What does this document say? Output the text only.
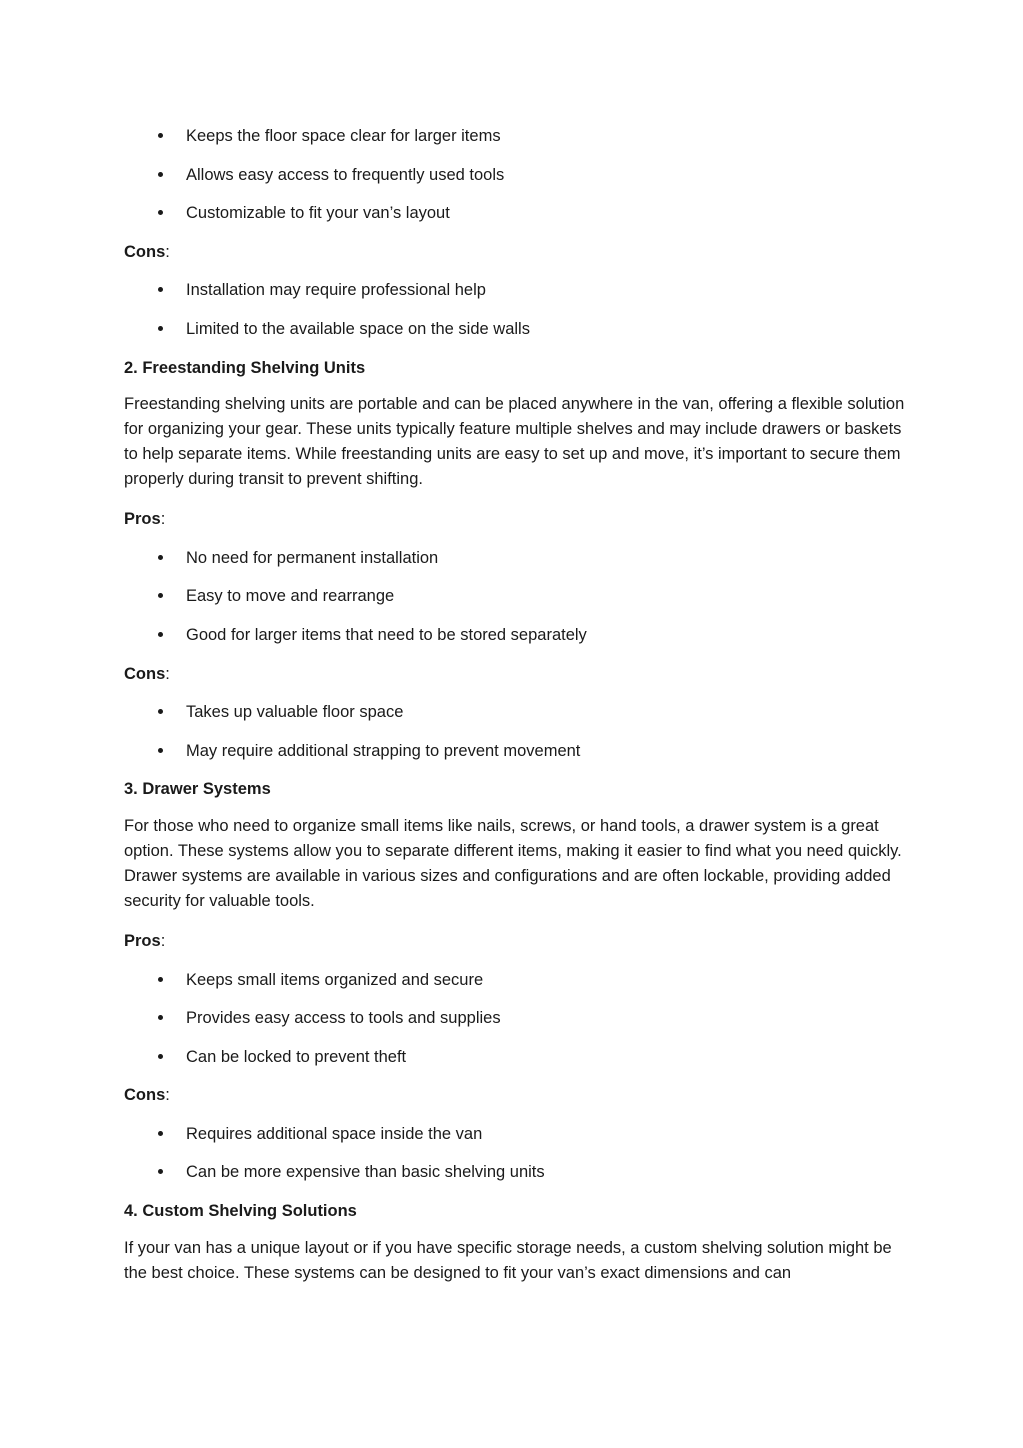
Keeps the floor space clear for larger items
Allows easy access to frequently used tools
Customizable to fit your van’s layout
Cons:
Installation may require professional help
Limited to the available space on the side walls
2. Freestanding Shelving Units

Freestanding shelving units are portable and can be placed anywhere in the van, offering a flexible solution for organizing your gear. These units typically feature multiple shelves and may include drawers or baskets to help separate items. While freestanding units are easy to set up and move, it’s important to secure them properly during transit to prevent shifting.

Pros:
No need for permanent installation
Easy to move and rearrange
Good for larger items that need to be stored separately
Cons:
Takes up valuable floor space
May require additional strapping to prevent movement
3. Drawer Systems

For those who need to organize small items like nails, screws, or hand tools, a drawer system is a great option. These systems allow you to separate different items, making it easier to find what you need quickly. Drawer systems are available in various sizes and configurations and are often lockable, providing added security for valuable tools.

Pros:
Keeps small items organized and secure
Provides easy access to tools and supplies
Can be locked to prevent theft
Cons:
Requires additional space inside the van
Can be more expensive than basic shelving units
4. Custom Shelving Solutions

If your van has a unique layout or if you have specific storage needs, a custom shelving solution might be the best choice. These systems can be designed to fit your van’s exact dimensions and can
